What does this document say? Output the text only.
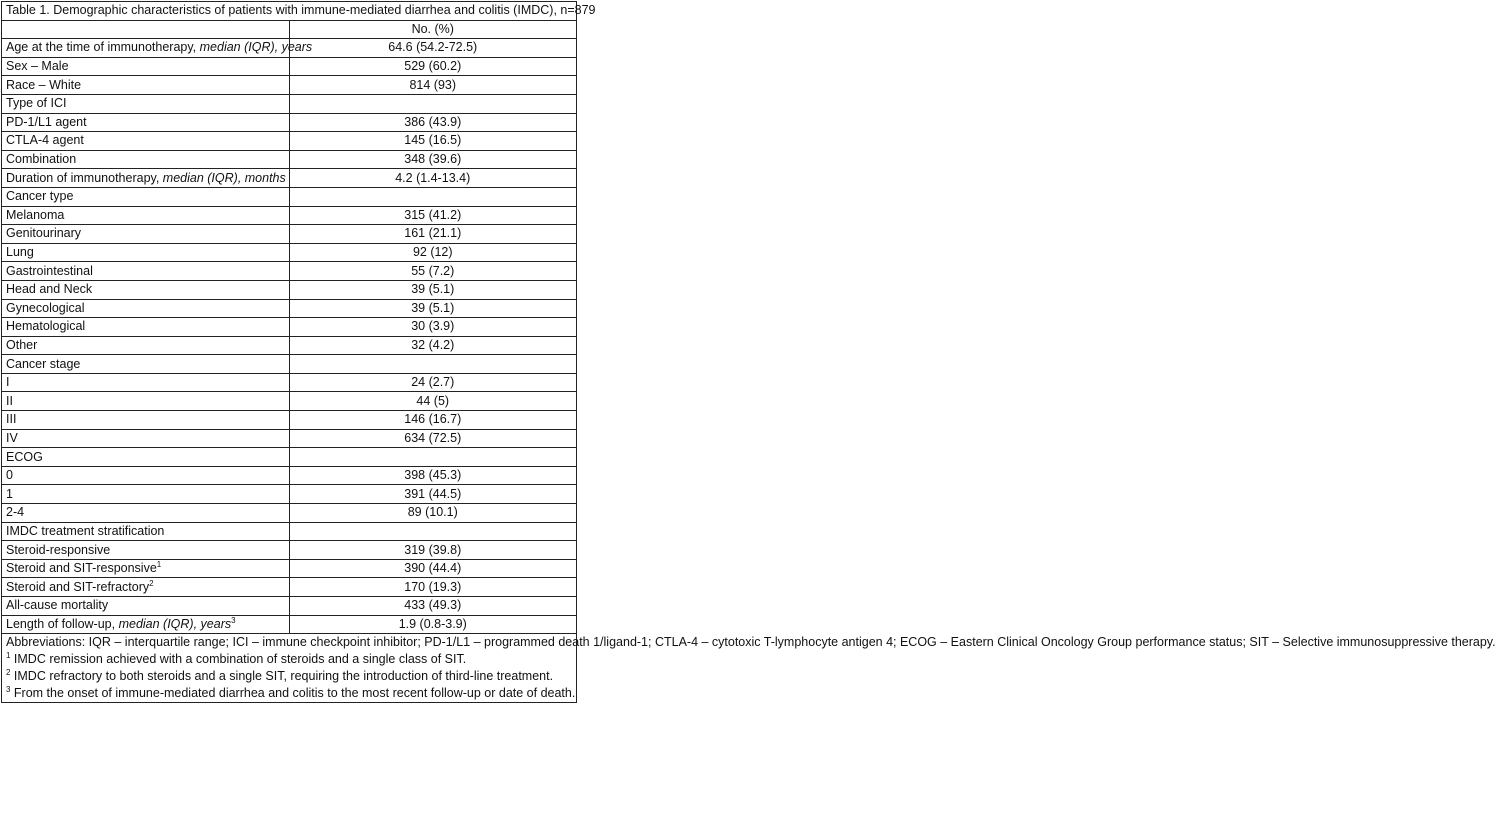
Table 1. Demographic characteristics of patients with immune-mediated diarrhea and colitis (IMDC), n=879	
	No. (%)
Age at the time of immunotherapy, median (IQR), years	64.6 (54.2-72.5)
Sex – Male	529 (60.2)
Race – White	814 (93)
Type of ICI	
PD-1/L1 agent	386 (43.9)
CTLA-4 agent	145 (16.5)
Combination	348 (39.6)
Duration of immunotherapy, median (IQR), months	4.2 (1.4-13.4)
Cancer type	
Melanoma	315 (41.2)
Genitourinary	161 (21.1)
Lung	92 (12)
Gastrointestinal	55 (7.2)
Head and Neck	39 (5.1)
Gynecological	39 (5.1)
Hematological	30 (3.9)
Other	32 (4.2)
Cancer stage	
I	24 (2.7)
II	44 (5)
III	146 (16.7)
IV	634 (72.5)
ECOG	
0	398 (45.3)
1	391 (44.5)
2-4	89 (10.1)
IMDC treatment stratification	
Steroid-responsive	319 (39.8)
Steroid and SIT-responsive$^1$	390 (44.4)
Steroid and SIT-refractory$^2$	170 (19.3)
All-cause mortality	433 (49.3)
Length of follow-up, median (IQR), years$^3$	1.9 (0.8-3.9)

Abbreviations: IQR – interquartile range; ICI – immune checkpoint inhibitor; PD-1/L1 – programmed death 1/ligand-1; CTLA-4 – cytotoxic T-lymphocyte antigen 4; ECOG – Eastern Clinical Oncology Group performance status; SIT – Selective immunosuppressive therapy.
$^1$ IMDC remission achieved with a combination of steroids and a single class of SIT.
$^2$ IMDC refractory to both steroids and a single SIT, requiring the introduction of third-line treatment.
$^3$ From the onset of immune-mediated diarrhea and colitis to the most recent follow-up or date of death.	
